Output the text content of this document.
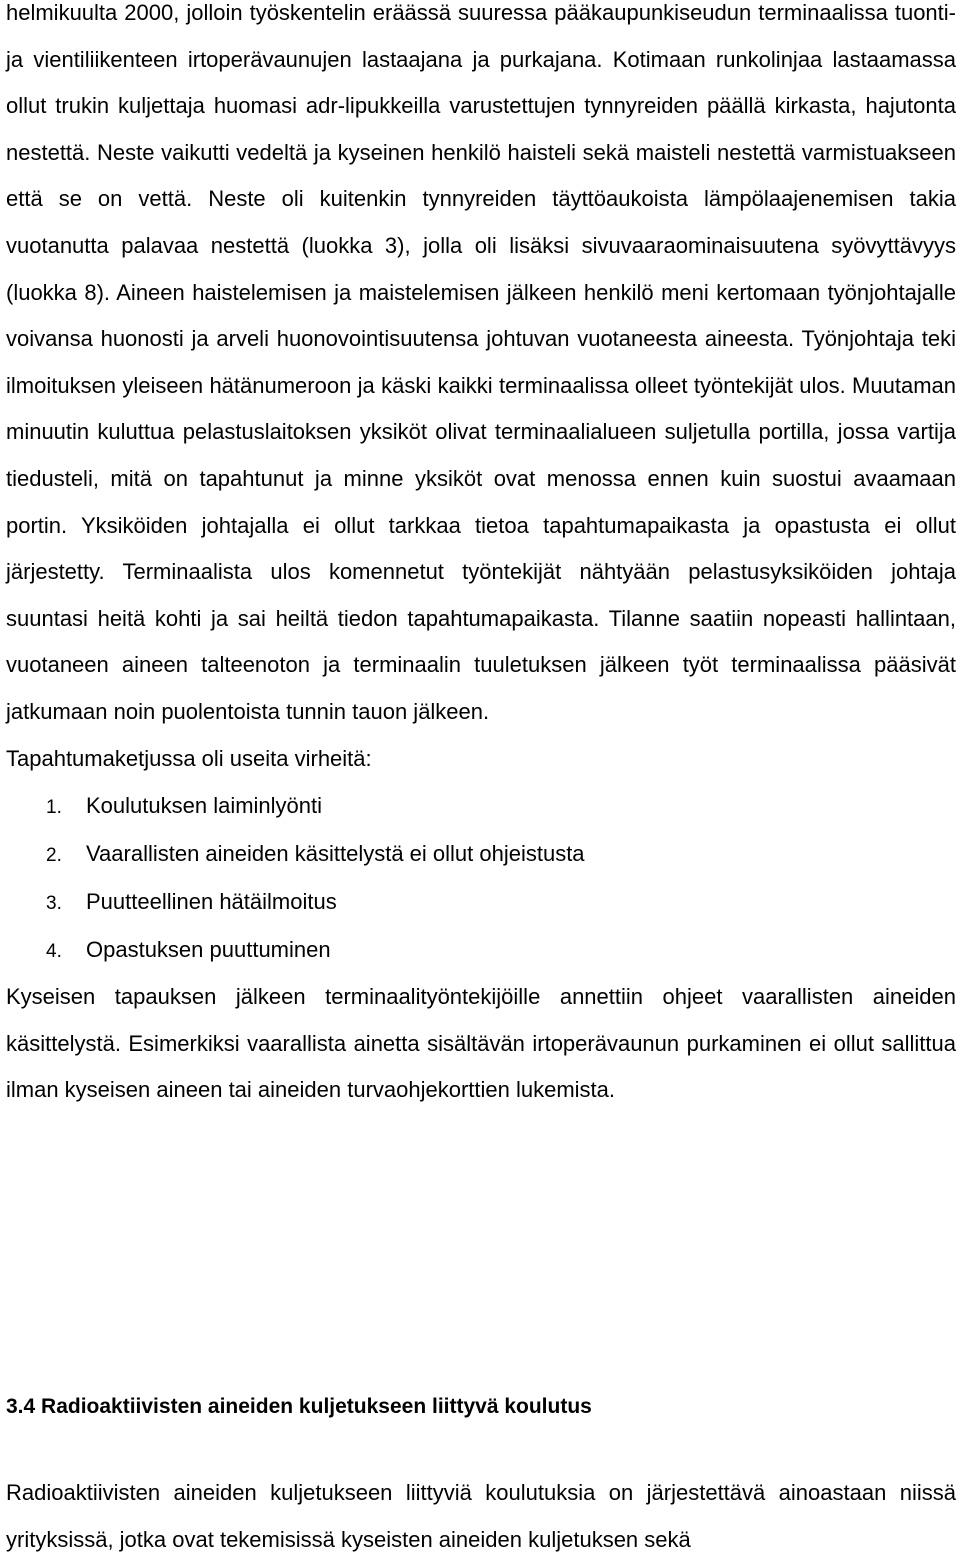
helmikuulta 2000, jolloin työskentelin eräässä suuressa pääkaupunkiseudun terminaalissa tuonti- ja vientiliikenteen irtoperävaunujen lastaajana ja purkajana. Kotimaan runkolinjaa lastaamassa ollut trukin kuljettaja huomasi adr-lipukkeilla varustettujen tynnyreiden päällä kirkasta, hajutonta nestettä. Neste vaikutti vedeltä ja kyseinen henkilö haisteli sekä maisteli nestettä varmistuakseen että se on vettä. Neste oli kuitenkin tynnyreiden täyttöaukoista lämpölaajenemisen takia vuotanutta palavaa nestettä (luokka 3), jolla oli lisäksi sivuvaaraominaisuutena syövyttävyys (luokka 8). Aineen haistelemisen ja maistelemisen jälkeen henkilö meni kertomaan työnjohtajalle voivansa huonosti ja arveli huonovointisuutensa johtuvan vuotaneesta aineesta. Työnjohtaja teki ilmoituksen yleiseen hätänumeroon ja käski kaikki terminaalissa olleet työntekijät ulos. Muutaman minuutin kuluttua pelastuslaitoksen yksiköt olivat terminaalialueen suljetulla portilla, jossa vartija tiedusteli, mitä on tapahtunut ja minne yksiköt ovat menossa ennen kuin suostui avaamaan portin. Yksiköiden johtajalla ei ollut tarkkaa tietoa tapahtumapaikasta ja opastusta ei ollut järjestetty. Terminaalista ulos komennetut työntekijät nähtyään pelastusyksiköiden johtaja suuntasi heitä kohti ja sai heiltä tiedon tapahtumapaikasta. Tilanne saatiin nopeasti hallintaan, vuotaneen aineen talteenoton ja terminaalin tuuletuksen jälkeen työt terminaalissa pääsivät jatkumaan noin puolentoista tunnin tauon jälkeen.

Tapahtumaketjussa oli useita virheitä:

1.	Koulutuksen laiminlyönti
2.	Vaarallisten aineiden käsittelystä ei ollut ohjeistusta
3.	Puutteellinen hätäilmoitus
4.	Opastuksen puuttuminen

Kyseisen tapauksen jälkeen terminaalityöntekijöille annettiin ohjeet vaarallisten aineiden käsittelystä. Esimerkiksi vaarallista ainetta sisältävän irtoperävaunun purkaminen ei ollut sallittua ilman kyseisen aineen tai aineiden turvaohjekorttien lukemista.

3.4 Radioaktiivisten aineiden kuljetukseen liittyvä koulutus

Radioaktiivisten aineiden kuljetukseen liittyviä koulutuksia on järjestettävä ainoastaan niissä yrityksissä, jotka ovat tekemisissä kyseisten aineiden kuljetuksen sekä
